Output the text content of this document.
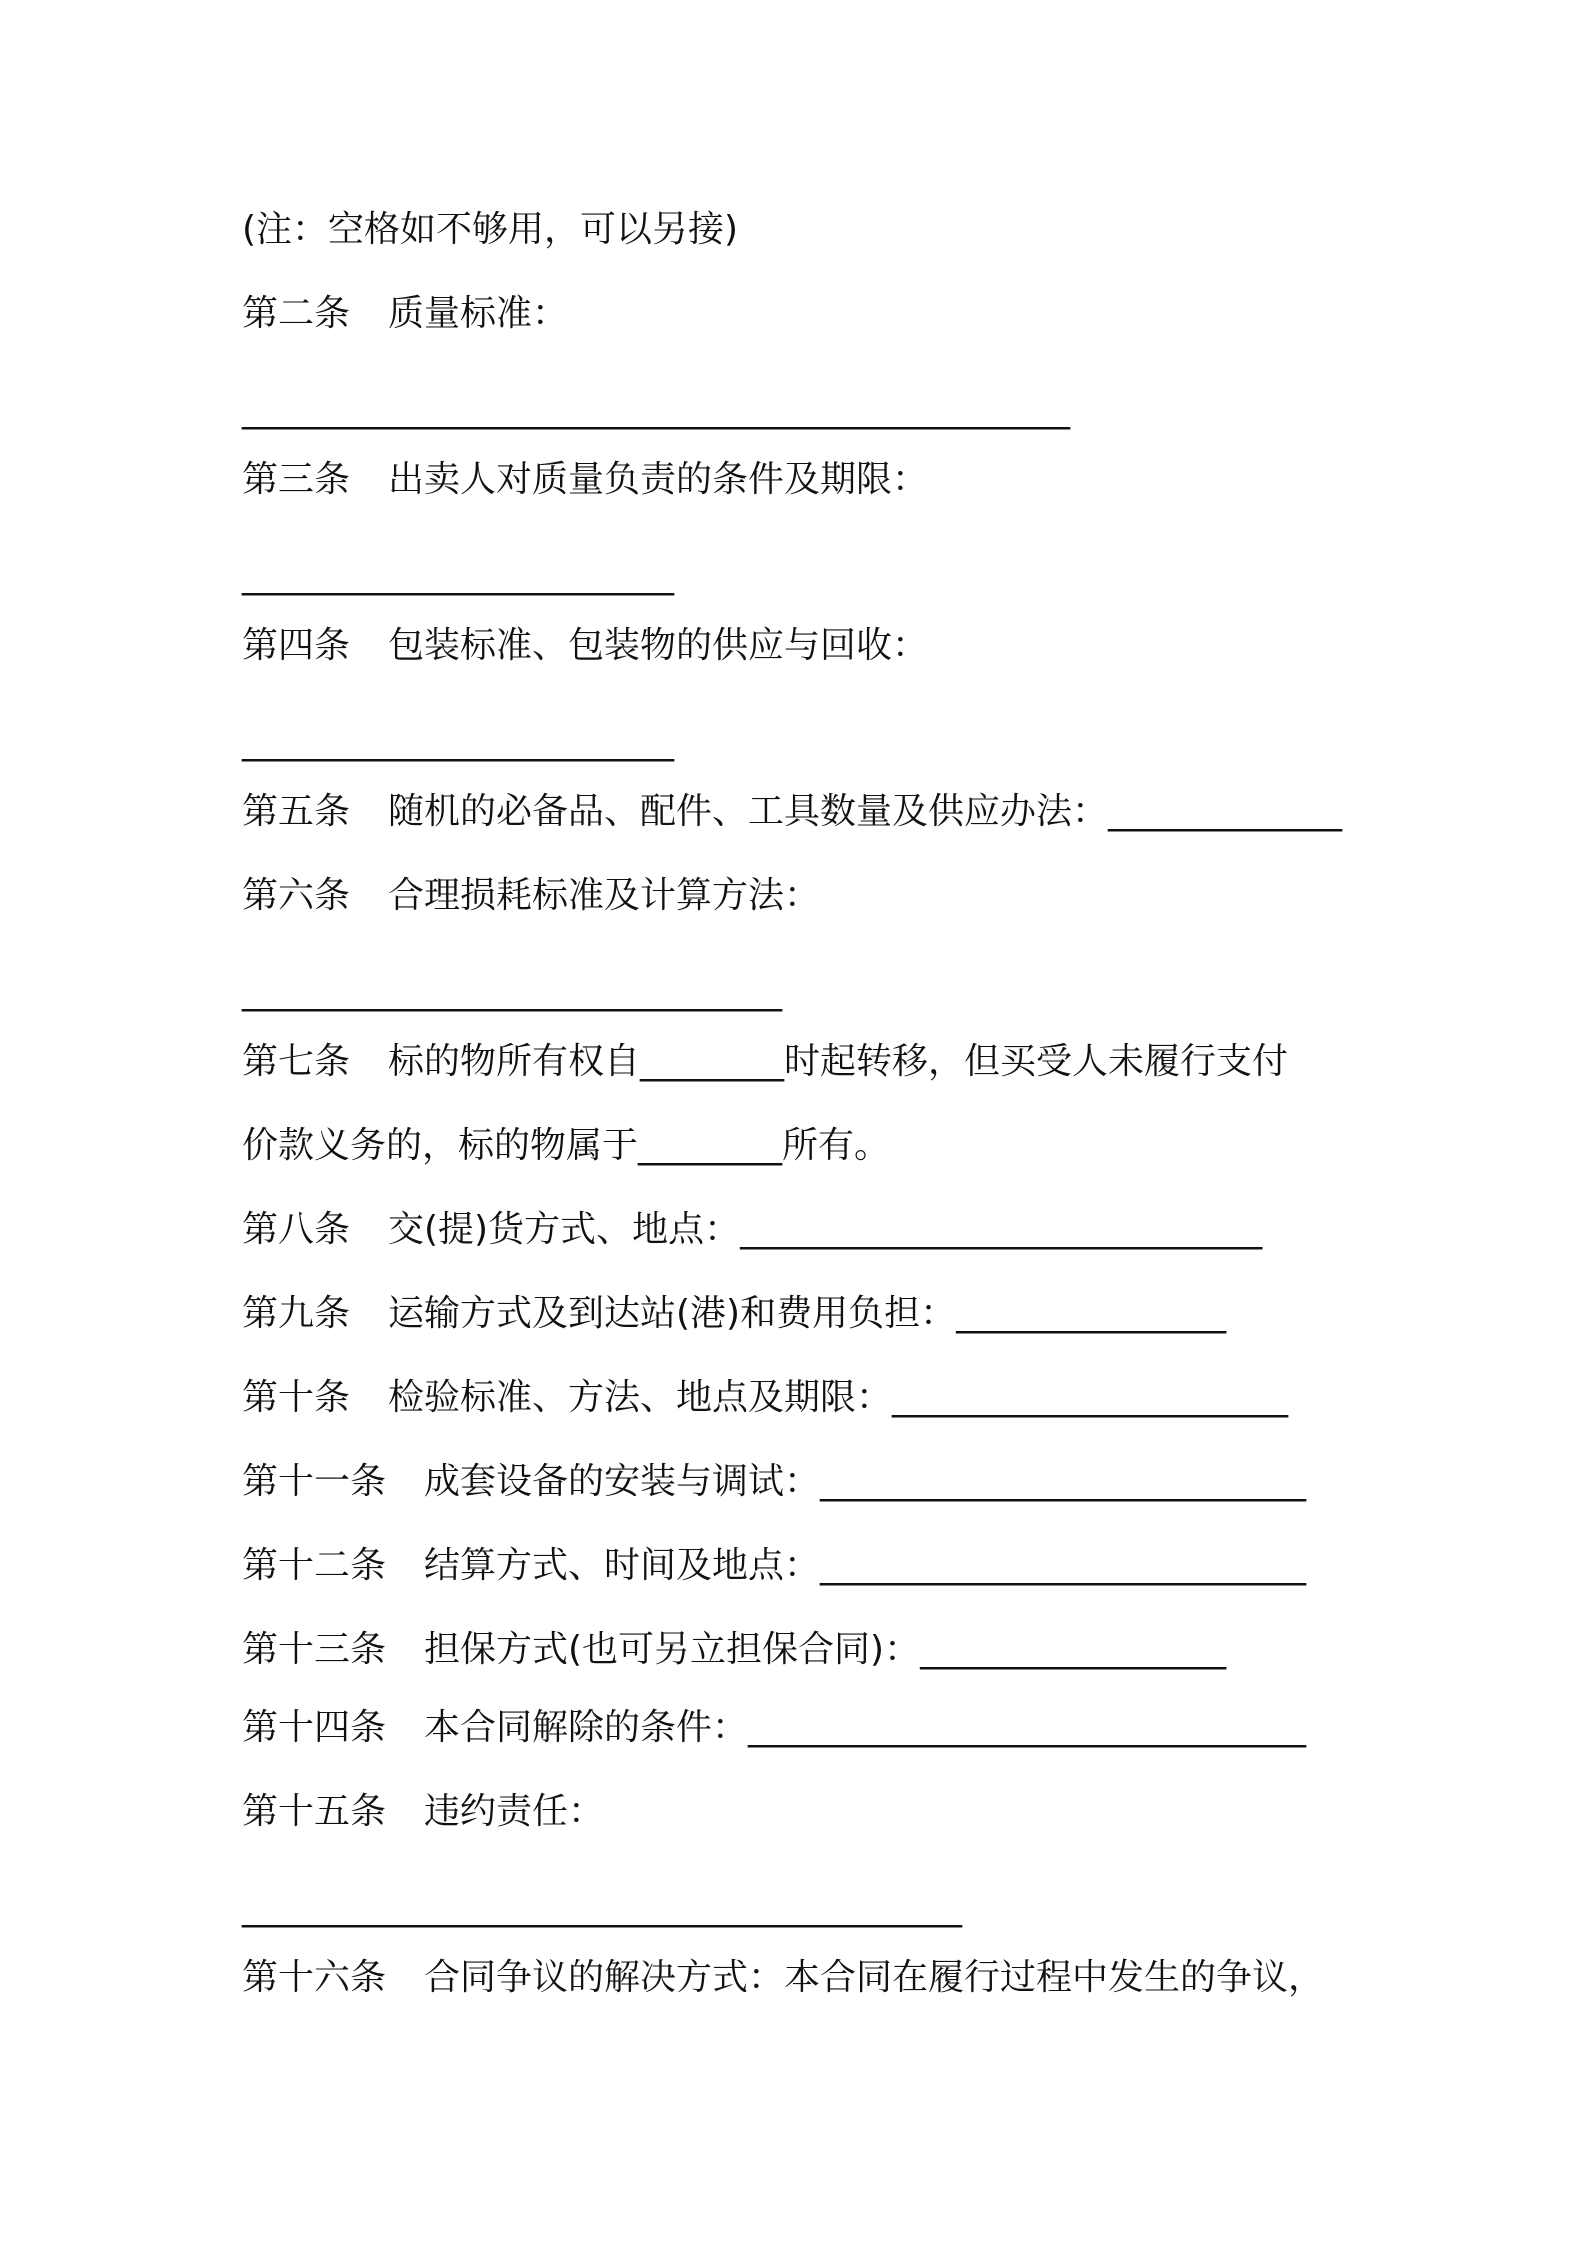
(注：空格如不够用，可以另接)
第二条 质量标准：
______________________________________________
第三条 出卖人对质量负责的条件及期限：
________________________
第四条 包装标准、包装物的供应与回收：
________________________
第五条 随机的必备品、配件、工具数量及供应办法：_____________
第六条 合理损耗标准及计算方法：
______________________________
第七条 标的物所有权自________时起转移，但买受人未履行支付
价款义务的，标的物属于________所有。
第八条 交(提)货方式、地点：_____________________________
第九条 运输方式及到达站(港)和费用负担：_______________
第十条 检验标准、方法、地点及期限：______________________
第十一条 成套设备的安装与调试：___________________________
第十二条 结算方式、时间及地点：___________________________
第十三条 担保方式(也可另立担保合同)：_________________
第十四条 本合同解除的条件：_______________________________
第十五条 违约责任：
________________________________________
第十六条 合同争议的解决方式：本合同在履行过程中发生的争议，
